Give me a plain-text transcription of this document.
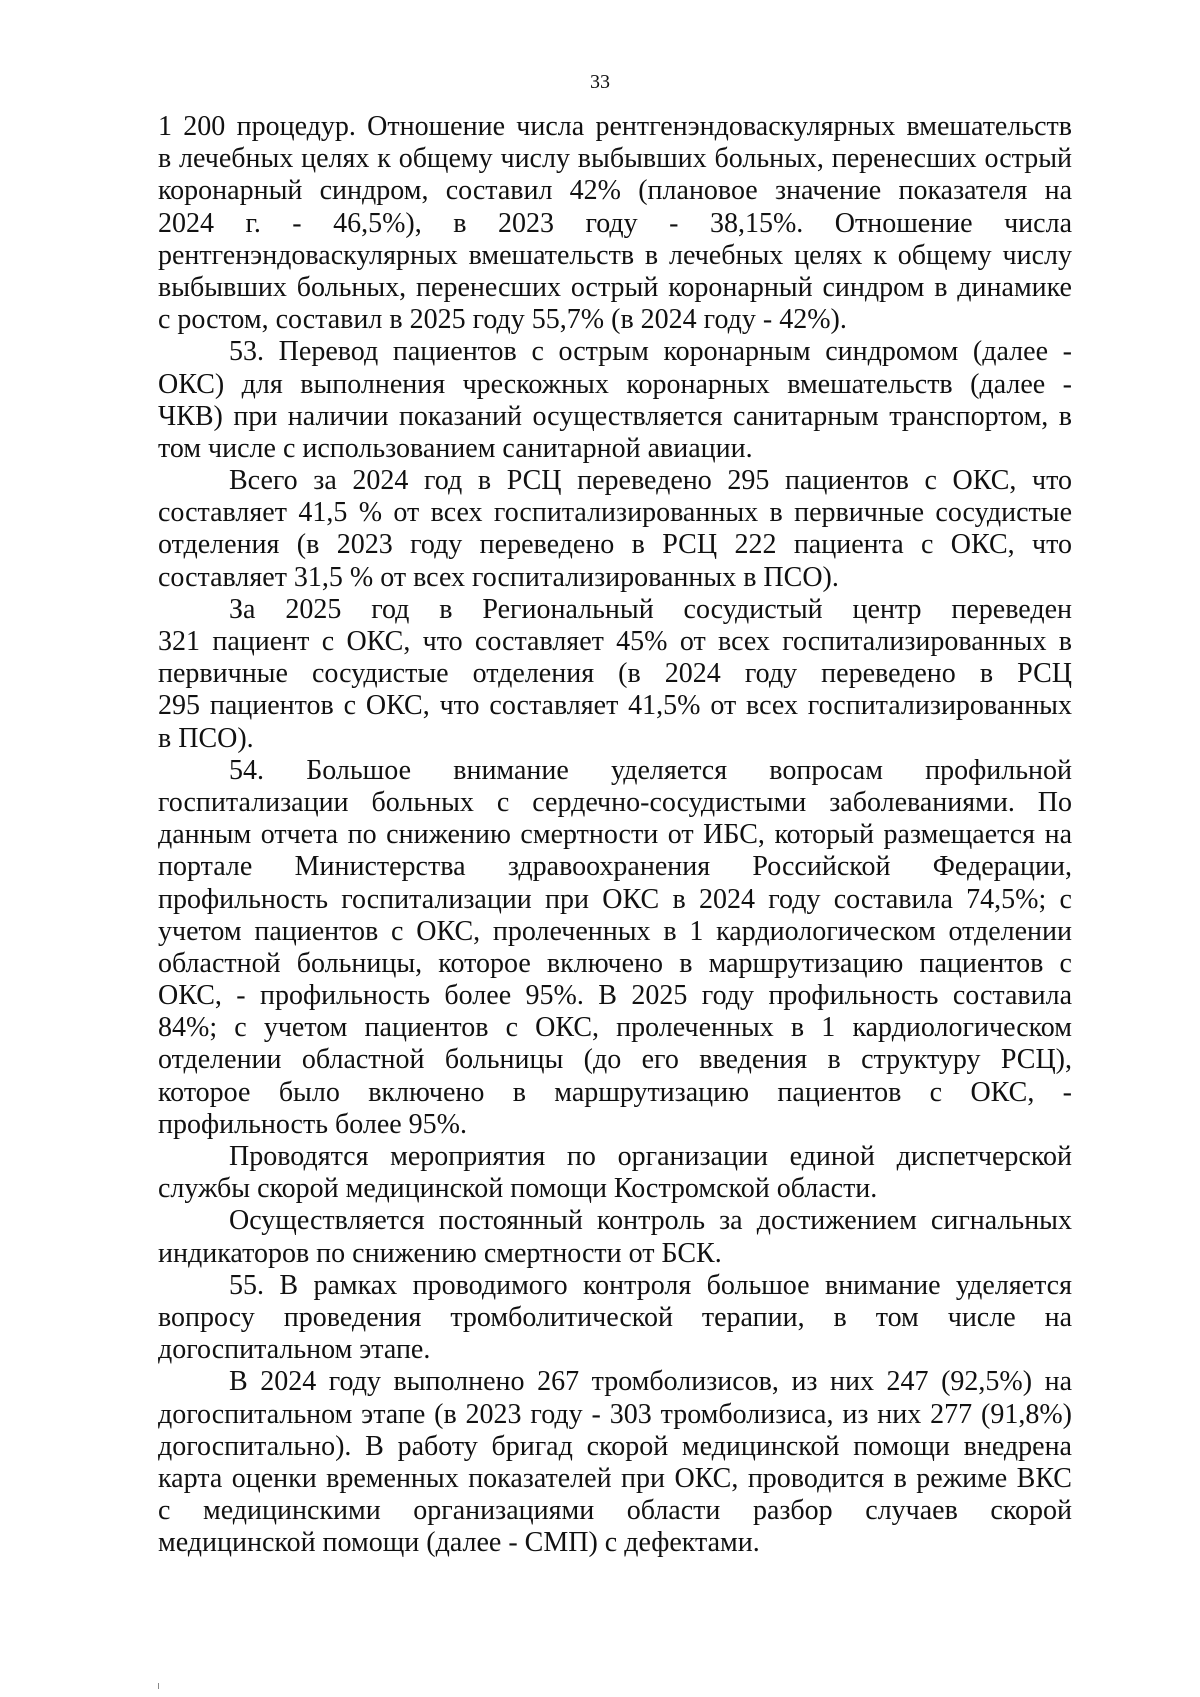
33

1 200 процедур. Отношение числа рентгенэндоваскулярных вмешательств
в лечебных целях к общему числу выбывших больных, перенесших острый
коронарный синдром, составил 42% (плановое значение показателя на
2024 г. - 46,5%), в 2023 году - 38,15%. Отношение числа
рентгенэндоваскулярных вмешательств в лечебных целях к общему числу
выбывших больных, перенесших острый коронарный синдром в динамике
с ростом, составил в 2025 году 55,7% (в 2024 году - 42%).

53. Перевод пациентов с острым коронарным синдромом (далее -
ОКС) для выполнения чрескожных коронарных вмешательств (далее -
ЧКВ) при наличии показаний осуществляется санитарным транспортом, в
том числе с использованием санитарной авиации.

Всего за 2024 год в РСЦ переведено 295 пациентов с ОКС, что
составляет 41,5 % от всех госпитализированных в первичные сосудистые
отделения (в 2023 году переведено в РСЦ 222 пациента с ОКС, что
составляет 31,5 % от всех госпитализированных в ПСО).

За 2025 год в Региональный сосудистый центр переведен
321 пациент с ОКС, что составляет 45% от всех госпитализированных в
первичные сосудистые отделения (в 2024 году переведено в РСЦ
295 пациентов с ОКС, что составляет 41,5% от всех госпитализированных
в ПСО).

54. Большое внимание уделяется вопросам профильной
госпитализации больных с сердечно-сосудистыми заболеваниями. По
данным отчета по снижению смертности от ИБС, который размещается на
портале Министерства здравоохранения Российской Федерации,
профильность госпитализации при ОКС в 2024 году составила 74,5%; с
учетом пациентов с ОКС, пролеченных в 1 кардиологическом отделении
областной больницы, которое включено в маршрутизацию пациентов с
ОКС, - профильность более 95%. В 2025 году профильность составила
84%; с учетом пациентов с ОКС, пролеченных в 1 кардиологическом
отделении областной больницы (до его введения в структуру РСЦ),
которое было включено в маршрутизацию пациентов с ОКС, -
профильность более 95%.

Проводятся мероприятия по организации единой диспетчерской
службы скорой медицинской помощи Костромской области.

Осуществляется постоянный контроль за достижением сигнальных
индикаторов по снижению смертности от БСК.

55. В рамках проводимого контроля большое внимание уделяется
вопросу проведения тромболитической терапии, в том числе на
догоспитальном этапе.

В 2024 году выполнено 267 тромболизисов, из них 247 (92,5%) на
догоспитальном этапе (в 2023 году - 303 тромболизиса, из них 277 (91,8%)
догоспитально). В работу бригад скорой медицинской помощи внедрена
карта оценки временных показателей при ОКС, проводится в режиме ВКС
с медицинскими организациями области разбор случаев скорой
медицинской помощи (далее - СМП) с дефектами.
